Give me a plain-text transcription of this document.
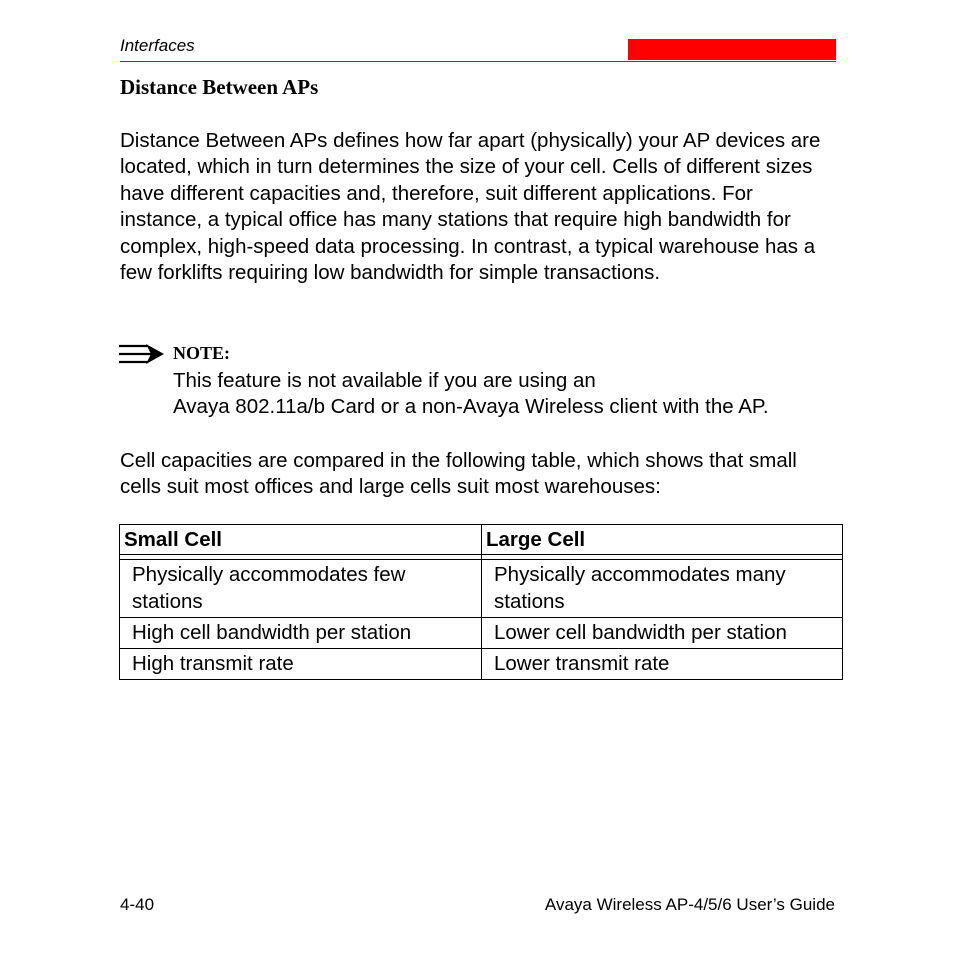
Interfaces
Distance Between APs

Distance Between APs defines how far apart (physically) your AP devices are located, which in turn determines the size of your cell. Cells of different sizes have different capacities and, therefore, suit different applications. For instance, a typical office has many stations that require high bandwidth for complex, high-speed data processing. In contrast, a typical warehouse has a few forklifts requiring low bandwidth for simple transactions.

NOTE:
This feature is not available if you are using an
Avaya 802.11a/b Card or a non-Avaya Wireless client with the AP.

Cell capacities are compared in the following table, which shows that small cells suit most offices and large cells suit most warehouses:

Small Cell	Large Cell

Physically accommodates few stations	Physically accommodates many stations

High cell bandwidth per station	Lower cell bandwidth per station

High transmit rate	Lower transmit rate
4-40	Avaya Wireless AP-4/5/6 User’s Guide
